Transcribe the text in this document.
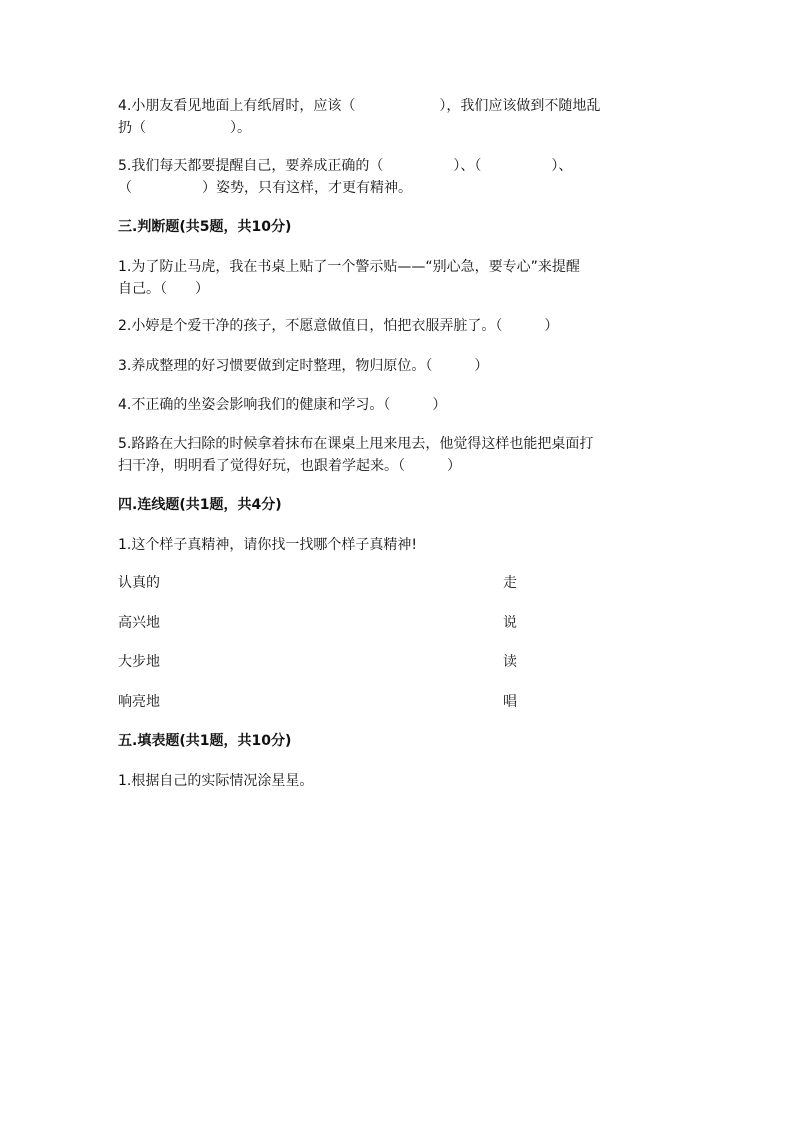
4.小朋友看见地面上有纸屑时，应该（　　　　　　），我们应该做到不随地乱
扔（　　　　　　）。
5.我们每天都要提醒自己，要养成正确的（　　　　　）、（　　　　　）、
（　　　　　）姿势，只有这样，才更有精神。
三.判断题(共5题，共10分)
1.为了防止马虎，我在书桌上贴了一个警示贴——“别心急，要专心”来提醒
自己。（　　）
2.小婷是个爱干净的孩子，不愿意做值日，怕把衣服弄脏了。（　　　）
3.养成整理的好习惯要做到定时整理，物归原位。（　　　）
4.不正确的坐姿会影响我们的健康和学习。（　　　）
5.路路在大扫除的时候拿着抹布在课桌上甩来甩去，他觉得这样也能把桌面打
扫干净，明明看了觉得好玩，也跟着学起来。（　　　）
四.连线题(共1题，共4分)
1.这个样子真精神，请你找一找哪个样子真精神!
认真的	走
高兴地	说
大步地	读
响亮地	唱
五.填表题(共1题，共10分)
1.根据自己的实际情况涂星星。
